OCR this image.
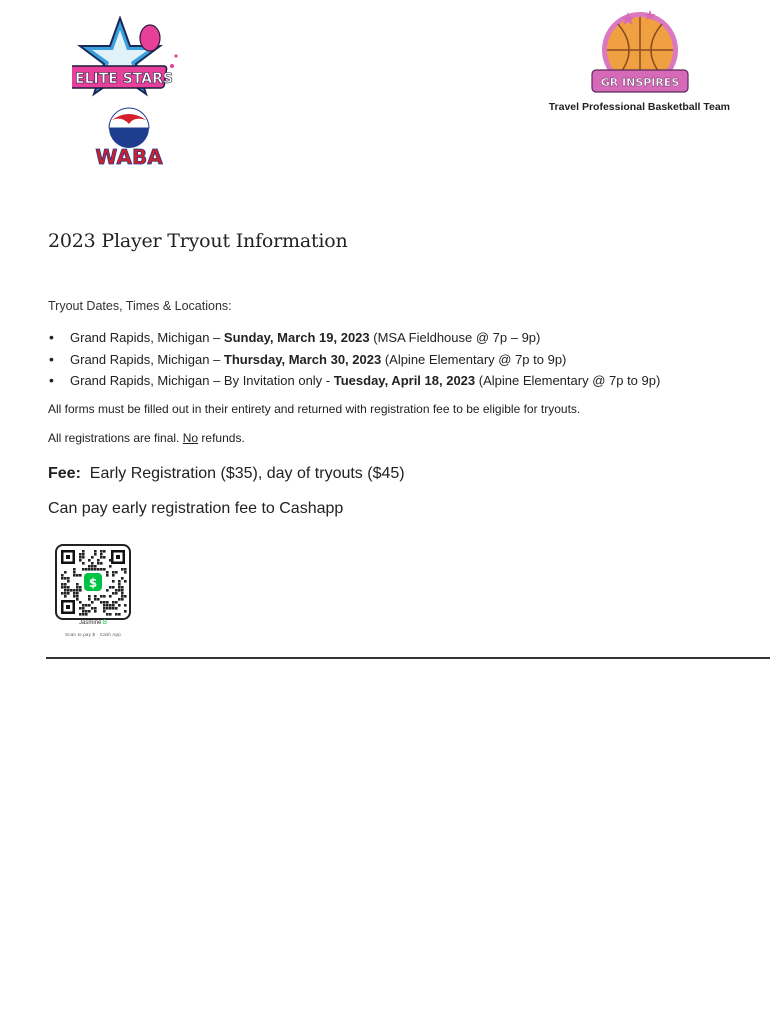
ELITE STARS
WABA
GR INSPIRES
Travel Professional Basketball Team
2023 Player Tryout Information
Tryout Dates, Times & Locations:
• Grand Rapids, Michigan – Sunday, March 19, 2023 (MSA Fieldhouse @ 7p – 9p)
• Grand Rapids, Michigan – Thursday, March 30, 2023 (Alpine Elementary @ 7p to 9p)
• Grand Rapids, Michigan – By Invitation only - Tuesday, April 18, 2023 (Alpine Elementary @ 7p to 9p)
All forms must be filled out in their entirety and returned with registration fee to be eligible for tryouts.
All registrations are final. No refunds.
Fee:  Early Registration ($35), day of tryouts ($45)
Can pay early registration fee to Cashapp
$
Jasmine B
Scan to pay $ · Cash App
